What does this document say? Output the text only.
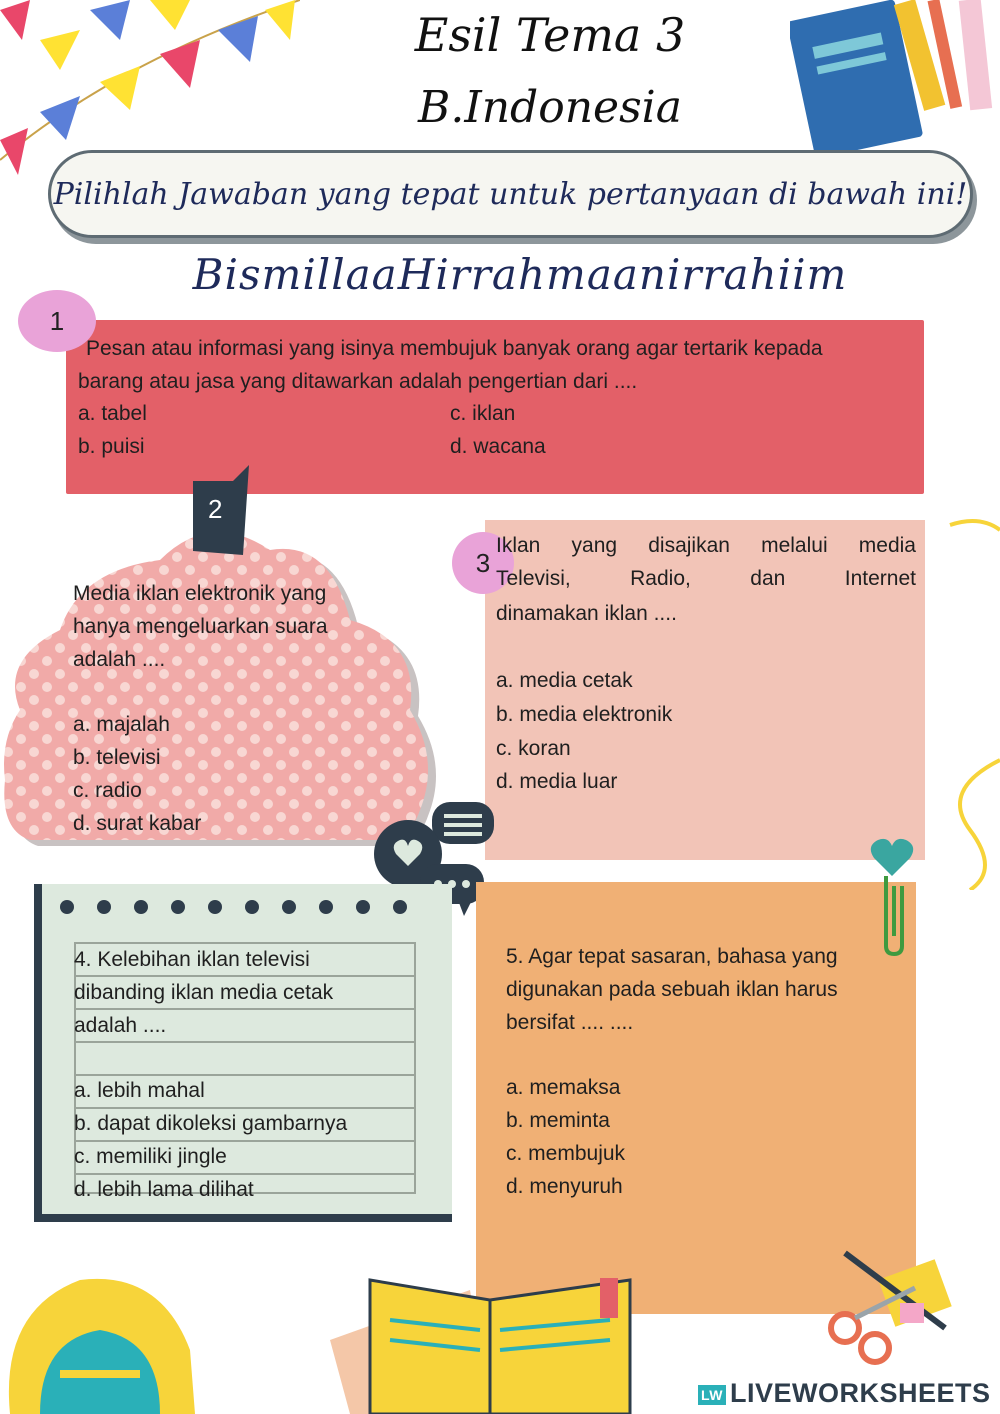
Esil Tema 3
B.Indonesia
Pilihlah Jawaban yang tepat untuk pertanyaan di bawah ini!
BismillaaHirrahmaanirrahiim
1
Pesan atau informasi yang isinya membujuk banyak orang agar tertarik kepada
barang atau jasa yang ditawarkan adalah pengertian dari ....
a. tabel	c. iklan
b. puisi	d. wacana
2
Media iklan elektronik yang
hanya mengeluarkan suara
adalah ....
a. majalah
b. televisi
c. radio
d. surat kabar
3
Iklan yang disajikan melalui media
Televisi,	Radio,	dan	Internet
dinamakan iklan ....
a. media cetak
b. media elektronik
c. koran
d. media luar
4. Kelebihan iklan televisi
dibanding iklan media cetak
adalah ....
a. lebih mahal
b. dapat dikoleksi gambarnya
c. memiliki jingle
d. lebih lama dilihat
5. Agar tepat sasaran, bahasa yang
digunakan pada sebuah iklan harus
bersifat .... ....
a. memaksa
b. meminta
c. membujuk
d. menyuruh
LW LIVEWORKSHEETS
